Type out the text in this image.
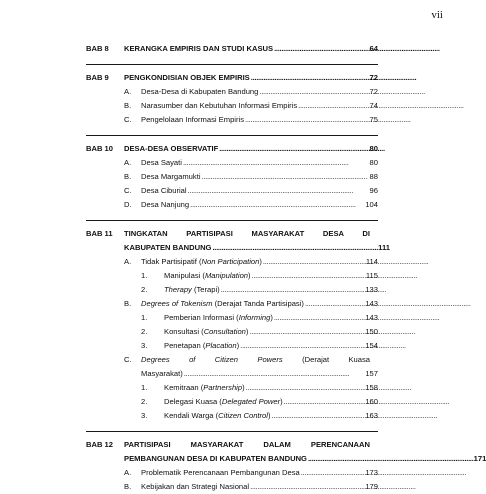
vii
BAB 8	KERANGKA EMPIRIS DAN STUDI KASUS . . .	64
BAB 9	PENGKONDISIAN OBJEK EMPIRIS . . .	72
A.	Desa-Desa di Kabupaten Bandung . . .	72
B.	Narasumber dan Kebutuhan Informasi Empiris . . .	74
C.	Pengelolaan Informasi Empiris . . .	75
BAB 10	DESA-DESA OBSERVATIF . . .	80
A.	Desa Sayati . . .	80
B.	Desa Margamukti . . .	88
C.	Desa Ciburial . . .	96
D.	Desa Nanjung . . .	104
BAB 11	TINGKATAN PARTISIPASI MASYARAKAT DESA DI
KABUPATEN BANDUNG . . .	111
A.	Tidak Partisipatif (Non Participation) . . .	114
1.	Manipulasi (Manipulation) . . .	115
2.	Therapy (Terapi) . . .	133
B.	Degrees of Tokenism (Derajat Tanda Partisipasi) . . .	143
1.	Pemberian Informasi (Informing) . . .	143
2.	Konsultasi (Consultation) . . .	150
3.	Penetapan (Placation) . . .	154
C.	Degrees of Citizen Powers (Derajat Kuasa
Masyarakat) . . .	157
1.	Kemitraan (Partnership) . . .	158
2.	Delegasi Kuasa (Delegated Power) . . .	160
3.	Kendali Warga (Citizen Control) . . .	163
BAB 12	PARTISIPASI MASYARAKAT DALAM PERENCANAAN
PEMBANGUNAN DESA DI KABUPATEN BANDUNG . . .	171
A.	Problematik Perencanaan Pembangunan Desa . . .	173
B.	Kebijakan dan Strategi Nasional . . .	179
